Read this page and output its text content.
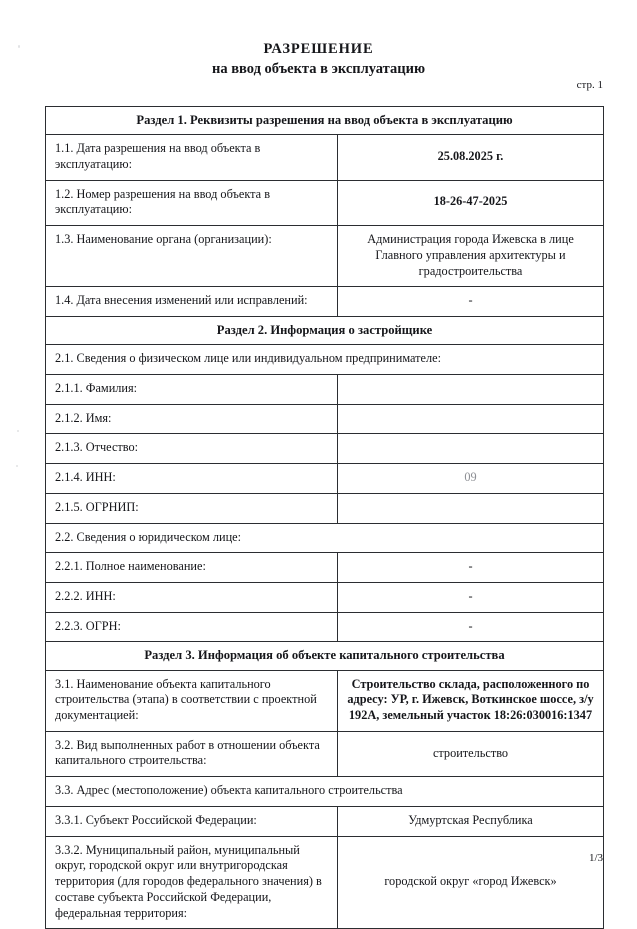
РАЗРЕШЕНИЕ
на ввод объекта в эксплуатацию
стр. 1
Раздел 1. Реквизиты разрешения на ввод объекта в эксплуатацию	
1.1. Дата разрешения на ввод объекта в эксплуатацию:	25.08.2025 г.
1.2. Номер разрешения на ввод объекта в эксплуатацию:	18-26-47-2025
1.3. Наименование органа (организации):	Администрация города Ижевска в лице Главного управления архитектуры и градостроительства
1.4. Дата внесения изменений или исправлений:	-
Раздел 2. Информация о застройщике	
2.1. Сведения о физическом лице или индивидуальном предпринимателе:	
2.1.1. Фамилия:	
2.1.2. Имя:	
2.1.3. Отчество:	
2.1.4. ИНН:	09
2.1.5. ОГРНИП:	
2.2. Сведения о юридическом лице:	
2.2.1. Полное наименование:	-
2.2.2. ИНН:	-
2.2.3. ОГРН:	-
Раздел 3. Информация об объекте капитального строительства	
3.1. Наименование объекта капитального строительства (этапа) в соответствии с проектной документацией:	Строительство склада, расположенного по адресу: УР, г. Ижевск, Воткинское шоссе, з/у 192А, земельный участок 18:26:030016:1347
3.2. Вид выполненных работ в отношении объекта капитального строительства:	строительство
3.3. Адрес (местоположение) объекта капитального строительства	
3.3.1. Субъект Российской Федерации:	Удмуртская Республика
3.3.2. Муниципальный район, муниципальный округ, городской округ или внутригородская территория (для городов федерального значения) в составе субъекта Российской Федерации, федеральная территория:	городской округ «город Ижевск»
1/3
